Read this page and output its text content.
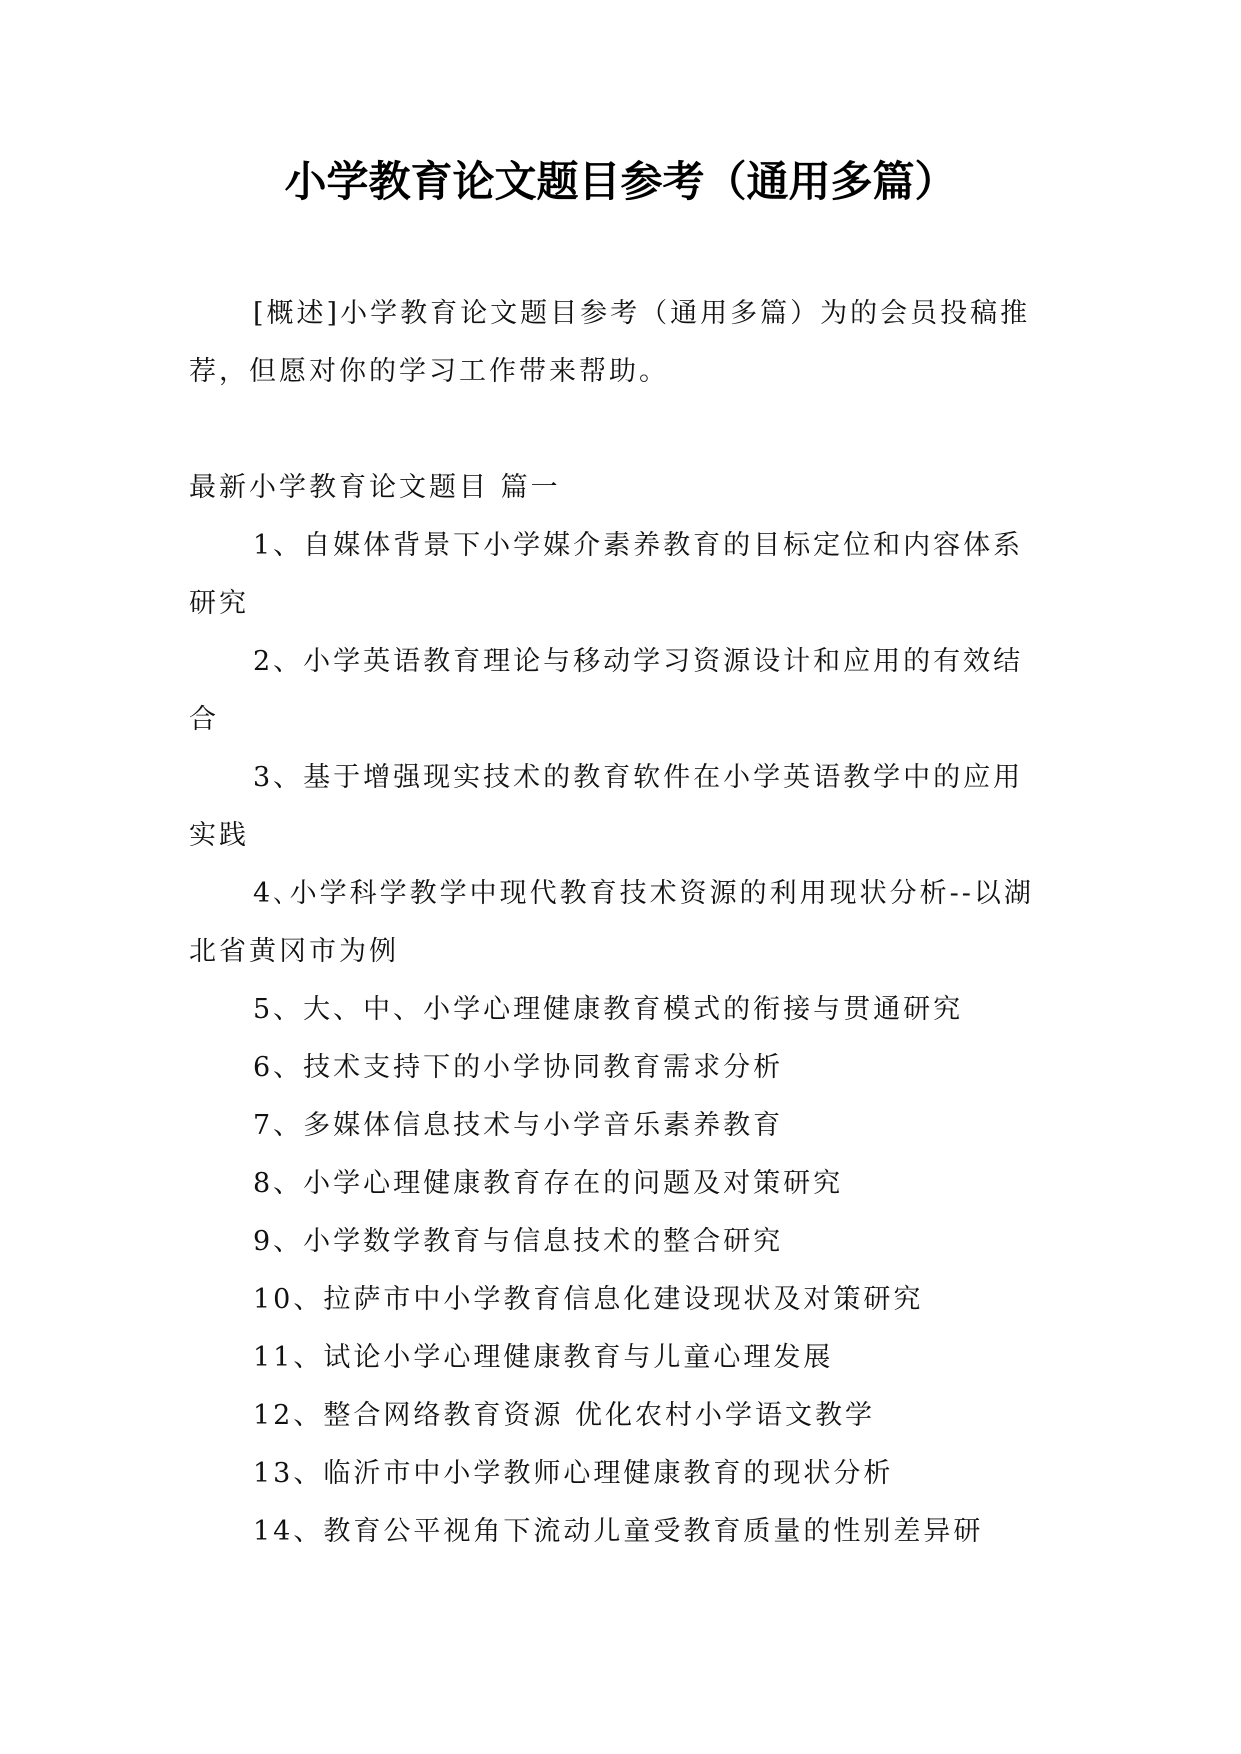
小学教育论文题目参考（通用多篇）

[概述]小学教育论文题目参考（通用多篇）为的会员投稿推荐，但愿对你的学习工作带来帮助。

最新小学教育论文题目 篇一

1、自媒体背景下小学媒介素养教育的目标定位和内容体系研究
2、小学英语教育理论与移动学习资源设计和应用的有效结合
3、基于增强现实技术的教育软件在小学英语教学中的应用实践
4､小学科学教学中现代教育技术资源的利用现状分析--以湖北省黄冈市为例
5、大、中、小学心理健康教育模式的衔接与贯通研究
6、技术支持下的小学协同教育需求分析
7、多媒体信息技术与小学音乐素养教育
8、小学心理健康教育存在的问题及对策研究
9、小学数学教育与信息技术的整合研究
10、拉萨市中小学教育信息化建设现状及对策研究
11、试论小学心理健康教育与儿童心理发展
12、整合网络教育资源 优化农村小学语文教学
13、临沂市中小学教师心理健康教育的现状分析
14、教育公平视角下流动儿童受教育质量的性别差异研
